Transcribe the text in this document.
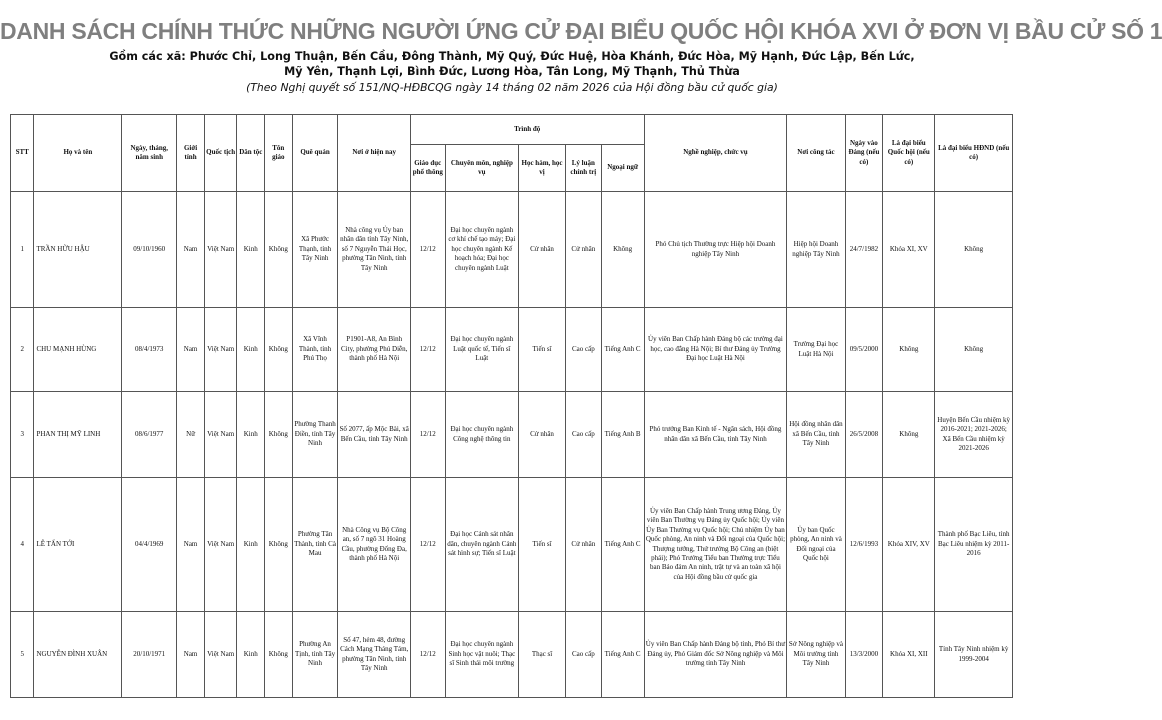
DANH SÁCH CHÍNH THỨC NHỮNG NGƯỜI ỨNG CỬ ĐẠI BIỂU QUỐC HỘI KHÓA XVI Ở ĐƠN VỊ BẦU CỬ SỐ 1
Gồm các xã: Phước Chỉ, Long Thuận, Bến Cầu, Đông Thành, Mỹ Quý, Đức Huệ, Hòa Khánh, Đức Hòa, Mỹ Hạnh, Đức Lập, Bến Lức,
Mỹ Yên, Thạnh Lợi, Bình Đức, Lương Hòa, Tân Long, Mỹ Thạnh, Thủ Thừa
(Theo Nghị quyết số 151/NQ-HĐBCQG ngày 14 tháng 02 năm 2026 của Hội đồng bầu cử quốc gia)
STT	Họ và tên	Ngày, tháng, năm sinh	Giới tính	Quốc tịch	Dân tộc	Tôn giáo	Quê quán	Nơi ở hiện nay	Trình độ					Nghề nghiệp, chức vụ	Nơi công tác	Ngày vào Đảng (nếu có)	Là đại biểu Quốc hội (nếu có)	Là đại biểu HĐND (nếu có)
									Giáo dục phổ thông	Chuyên môn, nghiệp vụ	Học hàm, học vị	Lý luận chính trị	Ngoại ngữ					
1	TRẦN HỮU HẬU	09/10/1960	Nam	Việt Nam	Kinh	Không	Xã Phước Thạnh, tỉnh Tây Ninh	Nhà công vụ Ủy ban nhân dân tỉnh Tây Ninh, số 7 Nguyễn Thái Học, phường Tân Ninh, tỉnh Tây Ninh	12/12	Đại học chuyên ngành cơ khí chế tạo máy; Đại học chuyên ngành Kế hoạch hóa; Đại học chuyên ngành Luật	Cử nhân	Cử nhân	Không	Phó Chủ tịch Thường trực Hiệp hội Doanh nghiệp Tây Ninh	Hiệp hội Doanh nghiệp Tây Ninh	24/7/1982	Khóa XI, XV	Không
2	CHU MẠNH HÙNG	08/4/1973	Nam	Việt Nam	Kinh	Không	Xã Vĩnh Thành, tỉnh Phú Thọ	P1901-A8, An Bình City, phường Phú Diễn, thành phố Hà Nội	12/12	Đại học chuyên ngành Luật quốc tế, Tiến sĩ Luật	Tiến sĩ	Cao cấp	Tiếng Anh C	Ủy viên Ban Chấp hành Đảng bộ các trường đại học, cao đẳng Hà Nội; Bí thư Đảng ủy Trường Đại học Luật Hà Nội	Trường Đại học Luật Hà Nội	09/5/2000	Không	Không
3	PHAN THỊ MỸ LINH	08/6/1977	Nữ	Việt Nam	Kinh	Không	Phường Thanh Điền, tỉnh Tây Ninh	Số 2077, ấp Mộc Bài, xã Bến Cầu, tỉnh Tây Ninh	12/12	Đại học chuyên ngành Công nghệ thông tin	Cử nhân	Cao cấp	Tiếng Anh B	Phó trưởng Ban Kinh tế - Ngân sách, Hội đồng nhân dân xã Bến Cầu, tỉnh Tây Ninh	Hội đồng nhân dân xã Bến Cầu, tỉnh Tây Ninh	26/5/2008	Không	Huyện Bến Cầu nhiệm kỳ 2016-2021; 2021-2026; Xã Bến Cầu nhiệm kỳ 2021-2026
4	LÊ TẤN TỚI	04/4/1969	Nam	Việt Nam	Kinh	Không	Phường Tân Thành, tỉnh Cà Mau	Nhà Công vụ Bộ Công an, số 7 ngõ 31 Hoàng Cầu, phường Đống Đa, thành phố Hà Nội	12/12	Đại học Cảnh sát nhân dân, chuyên ngành Cảnh sát hình sự; Tiến sĩ Luật	Tiến sĩ	Cử nhân	Tiếng Anh C	Ủy viên Ban Chấp hành Trung ương Đảng, Ủy viên Ban Thường vụ Đảng ủy Quốc hội; Ủy viên Ủy Ban Thường vụ Quốc hội; Chủ nhiệm Ủy ban Quốc phòng, An ninh và Đối ngoại của Quốc hội; Thượng tướng, Thứ trưởng Bộ Công an (biệt phái); Phó Trưởng Tiểu ban Thường trực Tiểu ban Bảo đảm An ninh, trật tự và an toàn xã hội của Hội đồng bầu cử quốc gia	Ủy ban Quốc phòng, An ninh và Đối ngoại của Quốc hội	12/6/1993	Khóa XIV, XV	Thành phố Bạc Liêu, tỉnh Bạc Liêu nhiệm kỳ 2011-2016
5	NGUYỄN ĐÌNH XUÂN	20/10/1971	Nam	Việt Nam	Kinh	Không	Phường An Tịnh, tỉnh Tây Ninh	Số 47, hẻm 48, đường Cách Mạng Tháng Tám, phường Tân Ninh, tỉnh Tây Ninh	12/12	Đại học chuyên ngành Sinh học vật nuôi; Thạc sĩ Sinh thái môi trường	Thạc sĩ	Cao cấp	Tiếng Anh C	Ủy viên Ban Chấp hành Đảng bộ tỉnh, Phó Bí thư Đảng ủy, Phó Giám đốc Sở Nông nghiệp và Môi trường tỉnh Tây Ninh	Sở Nông nghiệp và Môi trường tỉnh Tây Ninh	13/3/2000	Khóa XI, XII	Tỉnh Tây Ninh nhiệm kỳ 1999-2004
